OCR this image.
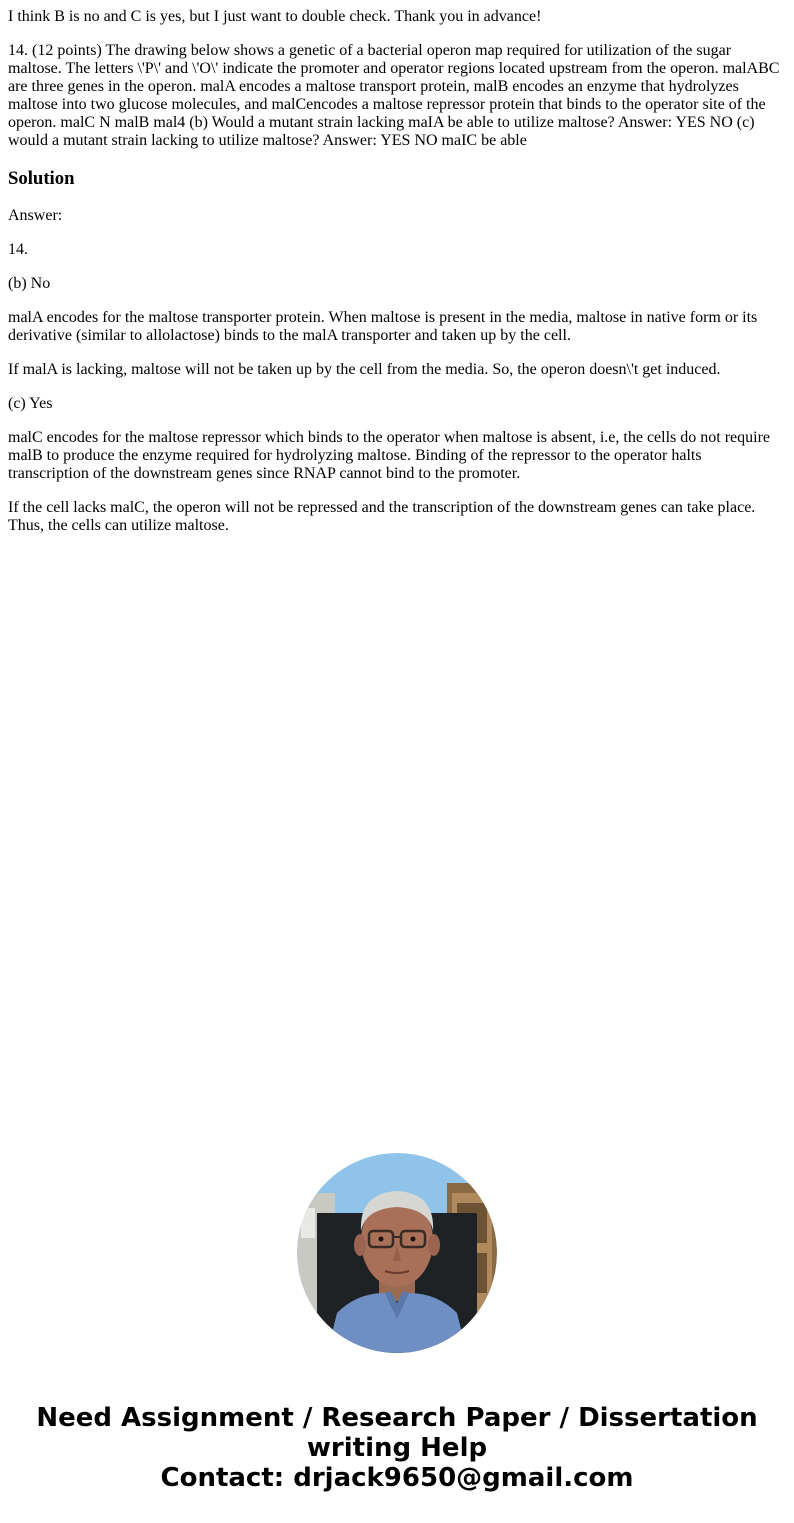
I think B is no and C is yes, but I just want to double check. Thank you in advance!

14. (12 points) The drawing below shows a genetic of a bacterial operon map required for utilization of the sugar maltose. The letters \'P\' and \'O\' indicate the promoter and operator regions located upstream from the operon. malABC are three genes in the operon. malA encodes a maltose transport protein, malB encodes an enzyme that hydrolyzes maltose into two glucose molecules, and malCencodes a maltose repressor protein that binds to the operator site of the operon. malC N malB mal4 (b) Would a mutant strain lacking maIA be able to utilize maltose? Answer: YES NO (c) would a mutant strain lacking to utilize maltose? Answer: YES NO maIC be able

Solution

Answer:

14.

(b) No

malA encodes for the maltose transporter protein. When maltose is present in the media, maltose in native form or its derivative (similar to allolactose) binds to the malA transporter and taken up by the cell.

If malA is lacking, maltose will not be taken up by the cell from the media. So, the operon doesn\'t get induced.

(c) Yes

malC encodes for the maltose repressor which binds to the operator when maltose is absent, i.e, the cells do not require malB to produce the enzyme required for hydrolyzing maltose. Binding of the repressor to the operator halts transcription of the downstream genes since RNAP cannot bind to the promoter.

If the cell lacks malC, the operon will not be repressed and the transcription of the downstream genes can take place. Thus, the cells can utilize maltose.

Need Assignment / Research Paper / Dissertation
writing Help
Contact: drjack9650@gmail.com
